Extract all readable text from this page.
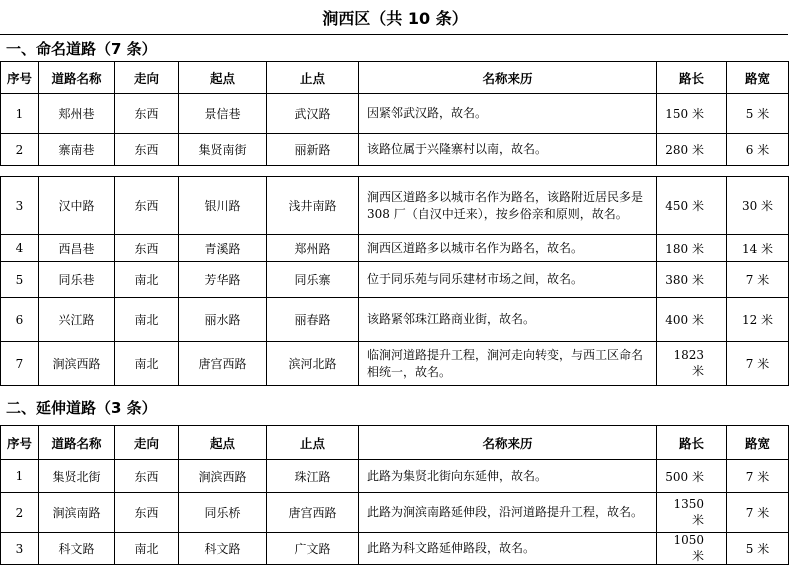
涧西区（共 10 条）
一、命名道路（7 条）
序号	道路名称	走向	起点	止点	名称来历	路长	路宽
1	郏州巷	东西	景信巷	武汉路	因紧邻武汉路，故名。	150 米	5 米
2	寨南巷	东西	集贤南街	丽新路	该路位属于兴隆寨村以南，故名。	280 米	6 米
3	汉中路	东西	银川路	浅井南路	涧西区道路多以城市名作为路名，该路附近居民多是 308 厂（自汉中迁来），按乡俗亲和原则，故名。	450 米	30 米
4	西昌巷	东西	青溪路	郑州路	涧西区道路多以城市名作为路名，故名。	180 米	14 米
5	同乐巷	南北	芳华路	同乐寨	位于同乐苑与同乐建材市场之间，故名。	380 米	7 米
6	兴江路	南北	丽水路	丽春路	该路紧邻珠江路商业街，故名。	400 米	12 米
7	涧滨西路	南北	唐宫西路	滨河北路	临涧河道路提升工程，涧河走向转变，与西工区命名相统一，故名。	1823 米	7 米
二、延伸道路（3 条）
序号	道路名称	走向	起点	止点	名称来历	路长	路宽
1	集贤北街	东西	涧滨西路	珠江路	此路为集贤北街向东延伸，故名。	500 米	7 米
2	涧滨南路	东西	同乐桥	唐宫西路	此路为涧滨南路延伸段，沿河道路提升工程，故名。	1350 米	7 米
3	科文路	南北	科文路	广文路	此路为科文路延伸路段，故名。	1050 米	5 米
